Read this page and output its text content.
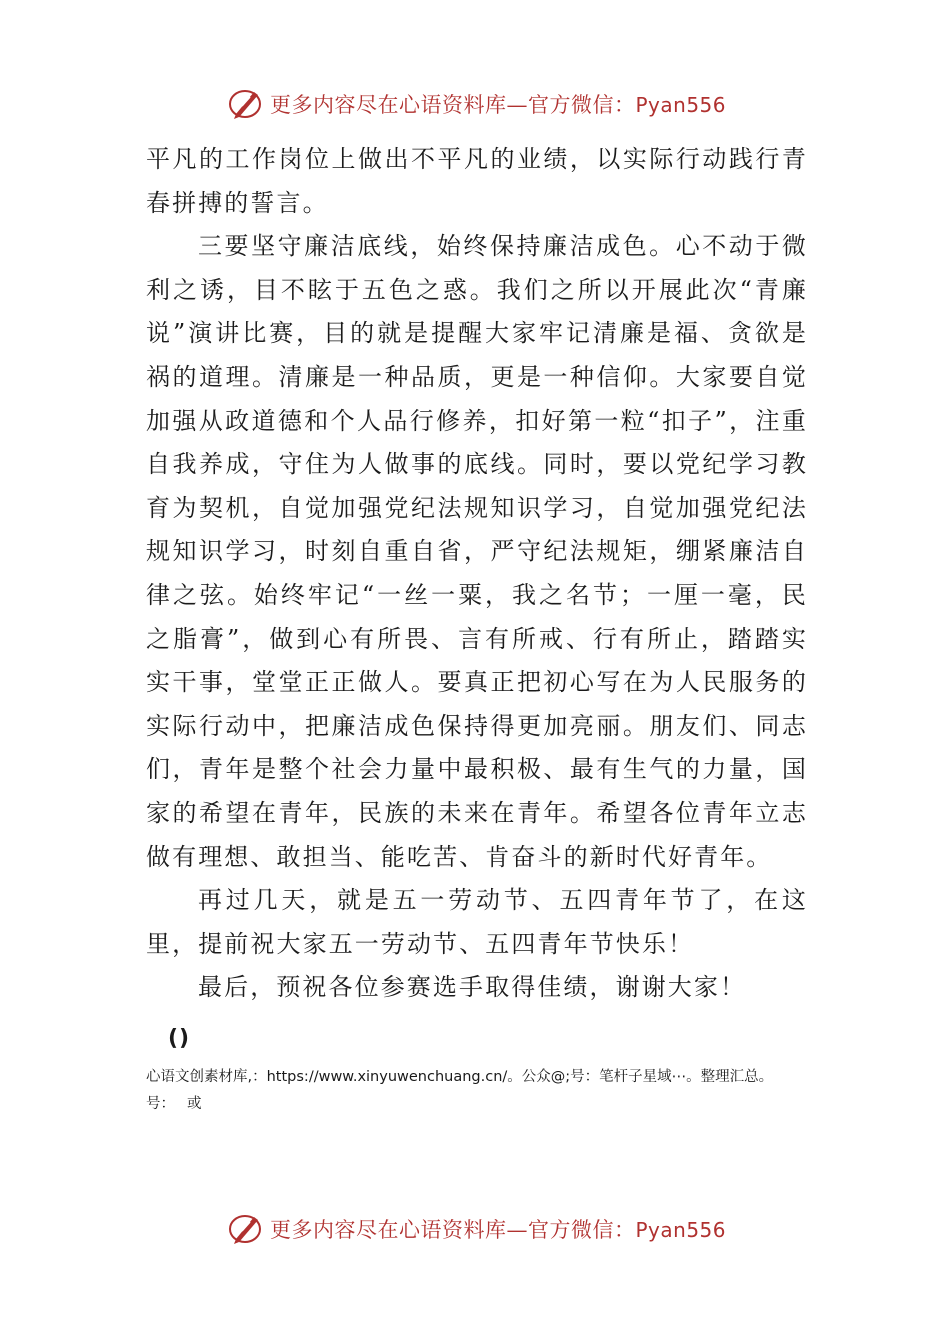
更多内容尽在心语资料库—官方微信：Pyan556

平凡的工作岗位上做出不平凡的业绩，以实际行动践行青春拼搏的誓言。

三要坚守廉洁底线，始终保持廉洁成色。心不动于微利之诱，目不眩于五色之惑。我们之所以开展此次“青廉说”演讲比赛，目的就是提醒大家牢记清廉是福、贪欲是祸的道理。清廉是一种品质，更是一种信仰。大家要自觉加强从政道德和个人品行修养，扣好第一粒“扣子”，注重自我养成，守住为人做事的底线。同时，要以党纪学习教育为契机，自觉加强党纪法规知识学习，自觉加强党纪法规知识学习，时刻自重自省，严守纪法规矩，绷紧廉洁自律之弦。始终牢记“一丝一粟，我之名节；一厘一毫，民之脂膏”，做到心有所畏、言有所戒、行有所止，踏踏实实干事，堂堂正正做人。要真正把初心写在为人民服务的实际行动中，把廉洁成色保持得更加亮丽。朋友们、同志们，青年是整个社会力量中最积极、最有生气的力量，国家的希望在青年，民族的未来在青年。希望各位青年立志做有理想、敢担当、能吃苦、肯奋斗的新时代好青年。

再过几天，就是五一劳动节、五四青年节了，在这里，提前祝大家五一劳动节、五四青年节快乐！

最后，预祝各位参赛选手取得佳绩，谢谢大家！

()
心语文创素材库,：https://www.xinyuwenchuang.cn/。公众@;号：笔杆子星域⋯。整理汇总。
号： 或
更多内容尽在心语资料库—官方微信：Pyan556
